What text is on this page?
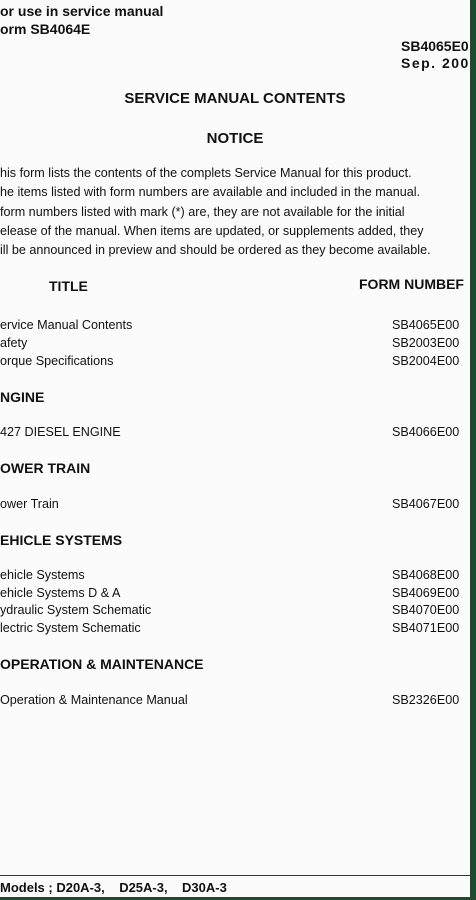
or use in service manual
orm SB4064E
SB4065E0
Sep. 200
SERVICE MANUAL CONTENTS
NOTICE
his form lists the contents of the complets Service Manual for this product.
he items listed with form numbers are available and included in the manual.
form numbers listed with mark (*) are, they are not available for the initial
elease of the manual. When items are updated, or supplements added, they
ill be announced in preview and should be ordered as they become available.
TITLE	FORM NUMBEF
ervice Manual Contents	SB4065E00
afety	SB2003E00
orque Specifications	SB2004E00
NGINE
427 DIESEL ENGINE	SB4066E00
OWER TRAIN
ower Train	SB4067E00
EHICLE SYSTEMS
ehicle Systems	SB4068E00
ehicle Systems D & A	SB4069E00
ydraulic System Schematic	SB4070E00
lectric System Schematic	SB4071E00
OPERATION & MAINTENANCE
Operation & Maintenance Manual	SB2326E00
Models ; D20A-3,    D25A-3,    D30A-3
